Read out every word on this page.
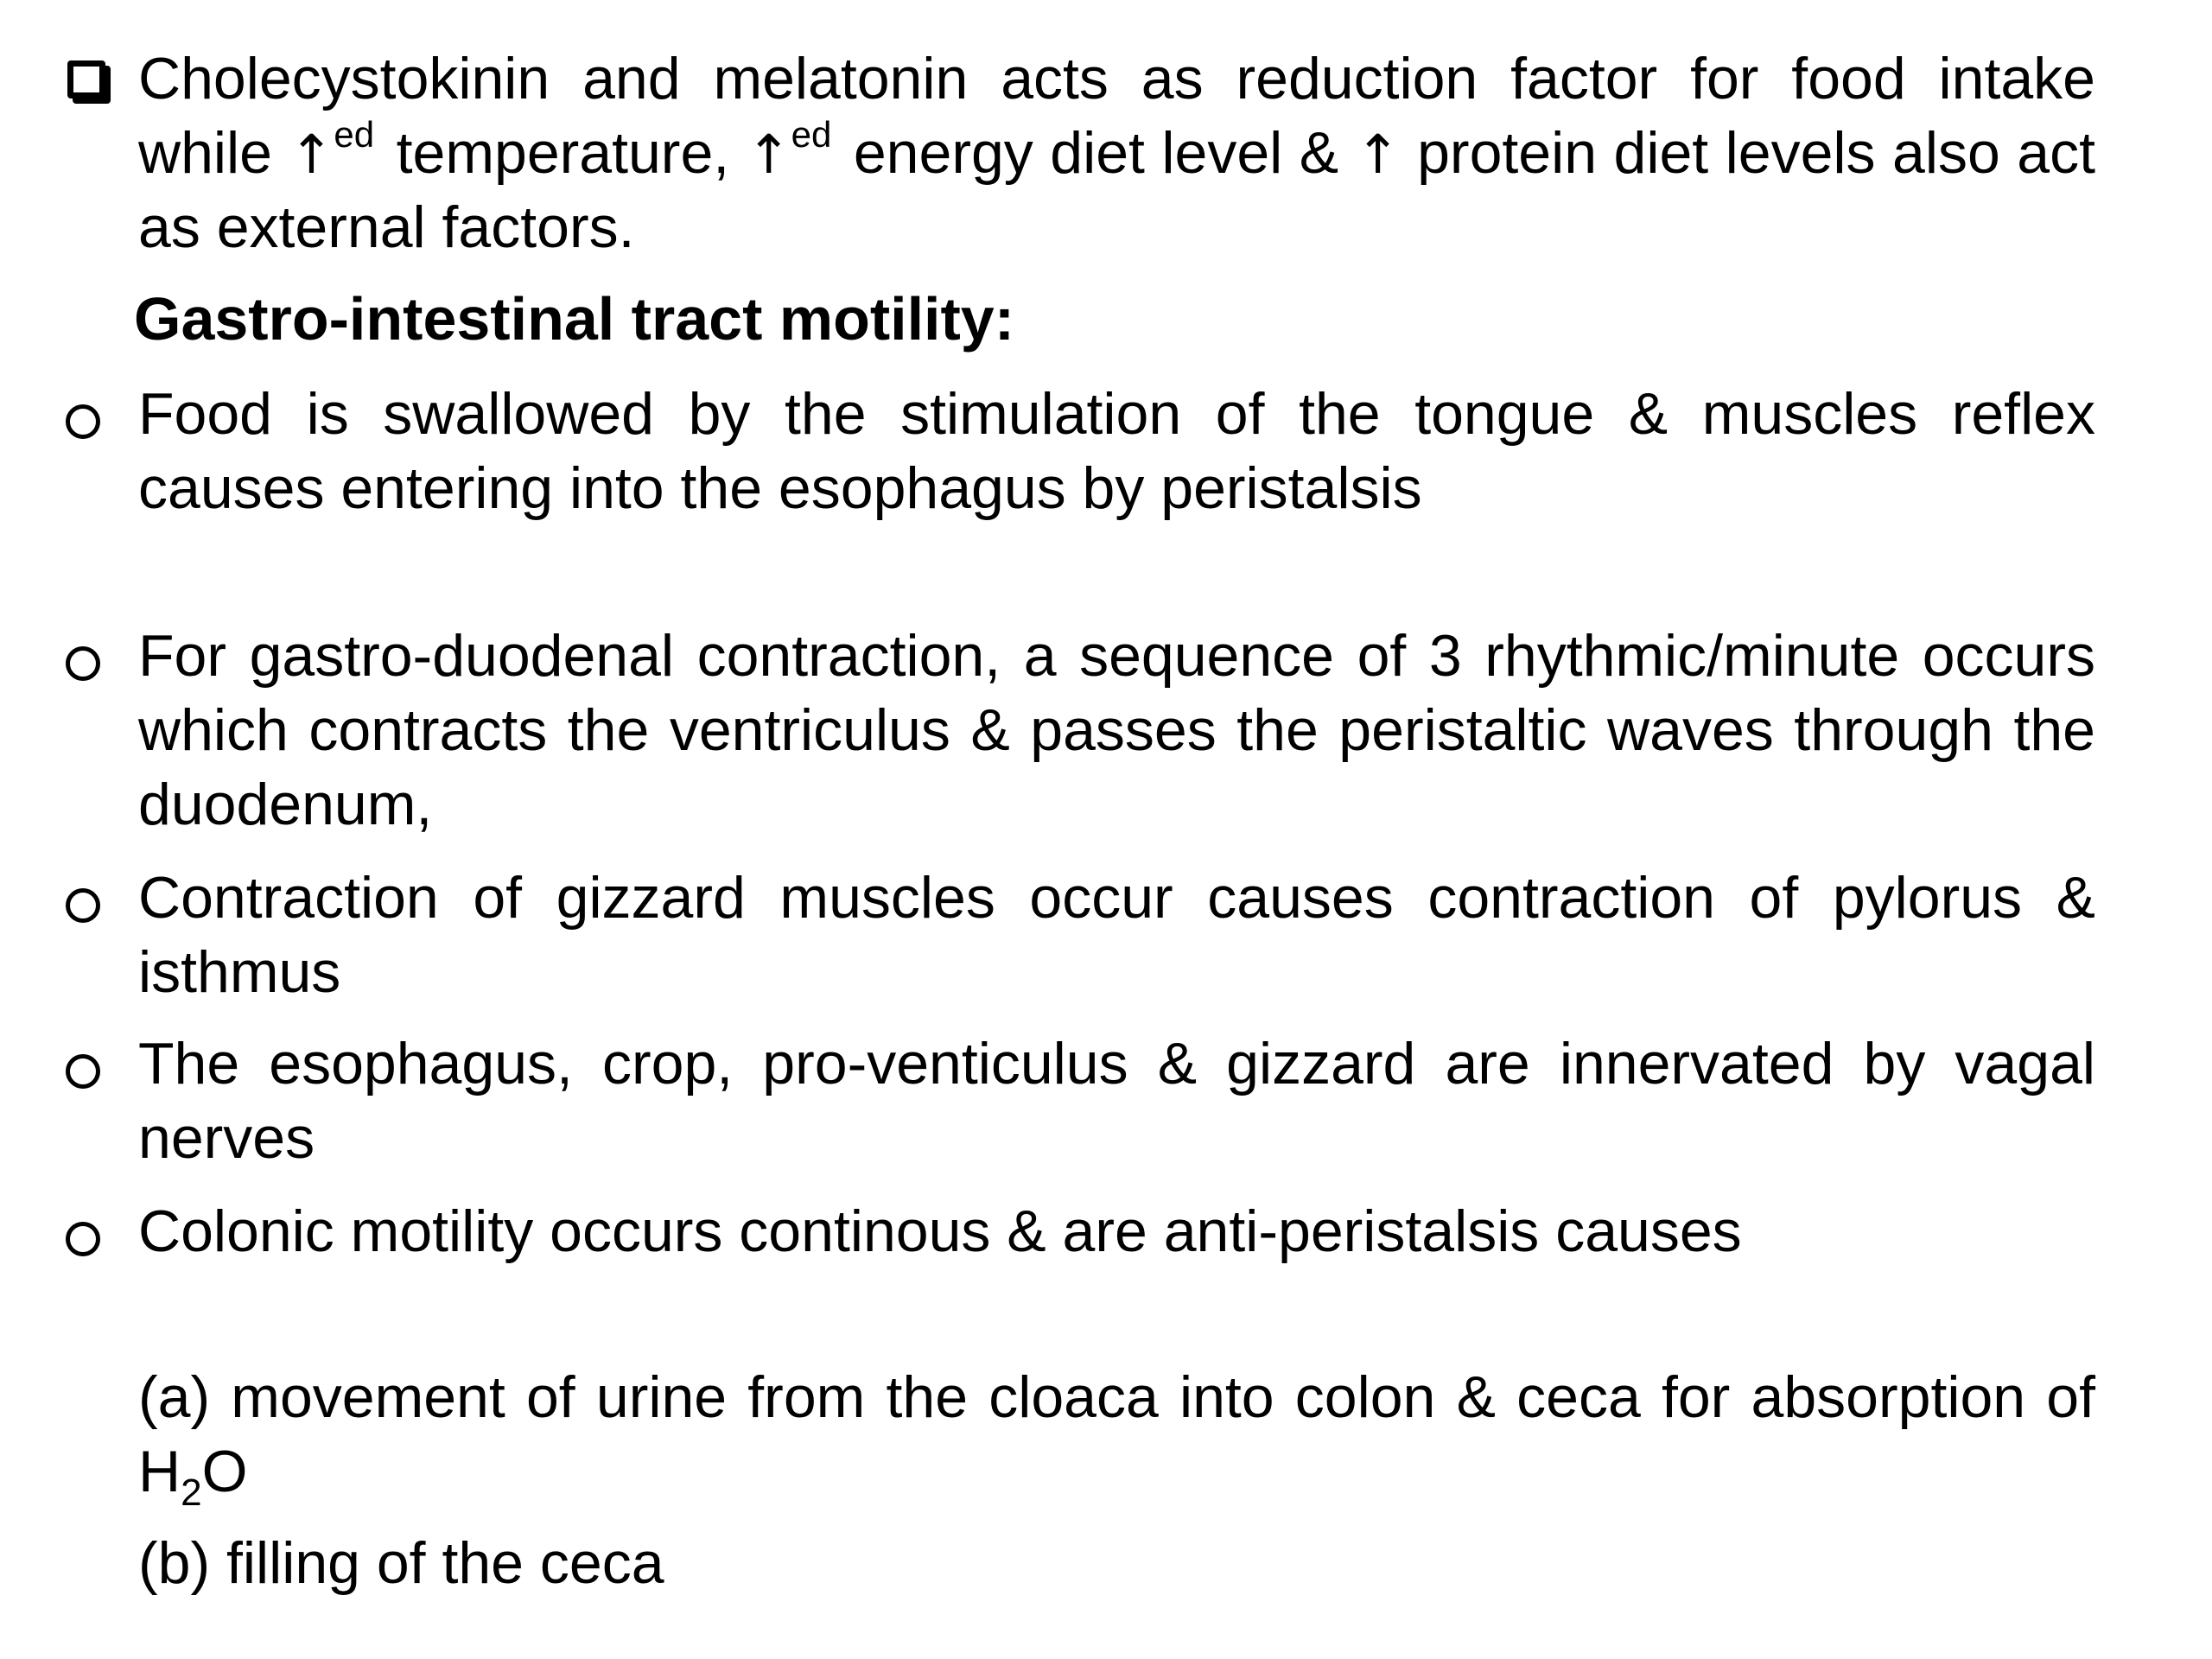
Cholecystokinin and melatonin acts as reduction factor for food intake while ↑$^{ed}$ temperature, ↑$^{ed}$ energy diet level & ↑ protein diet levels also act as external factors.

Gastro-intestinal tract motility:

Food is swallowed by the stimulation of the tongue & muscles reflex causes entering into the esophagus by peristalsis

For gastro-duodenal contraction, a sequence of 3 rhythmic/minute occurs which contracts the ventriculus & passes the peristaltic waves through the duodenum,

Contraction of gizzard muscles occur causes contraction of pylorus & isthmus

The esophagus, crop, pro-venticulus & gizzard are innervated by vagal nerves

Colonic motility occurs continous & are anti-peristalsis causes

(a) movement of urine from the cloaca into colon & ceca for absorption of $H_2O$

(b) filling of the ceca
